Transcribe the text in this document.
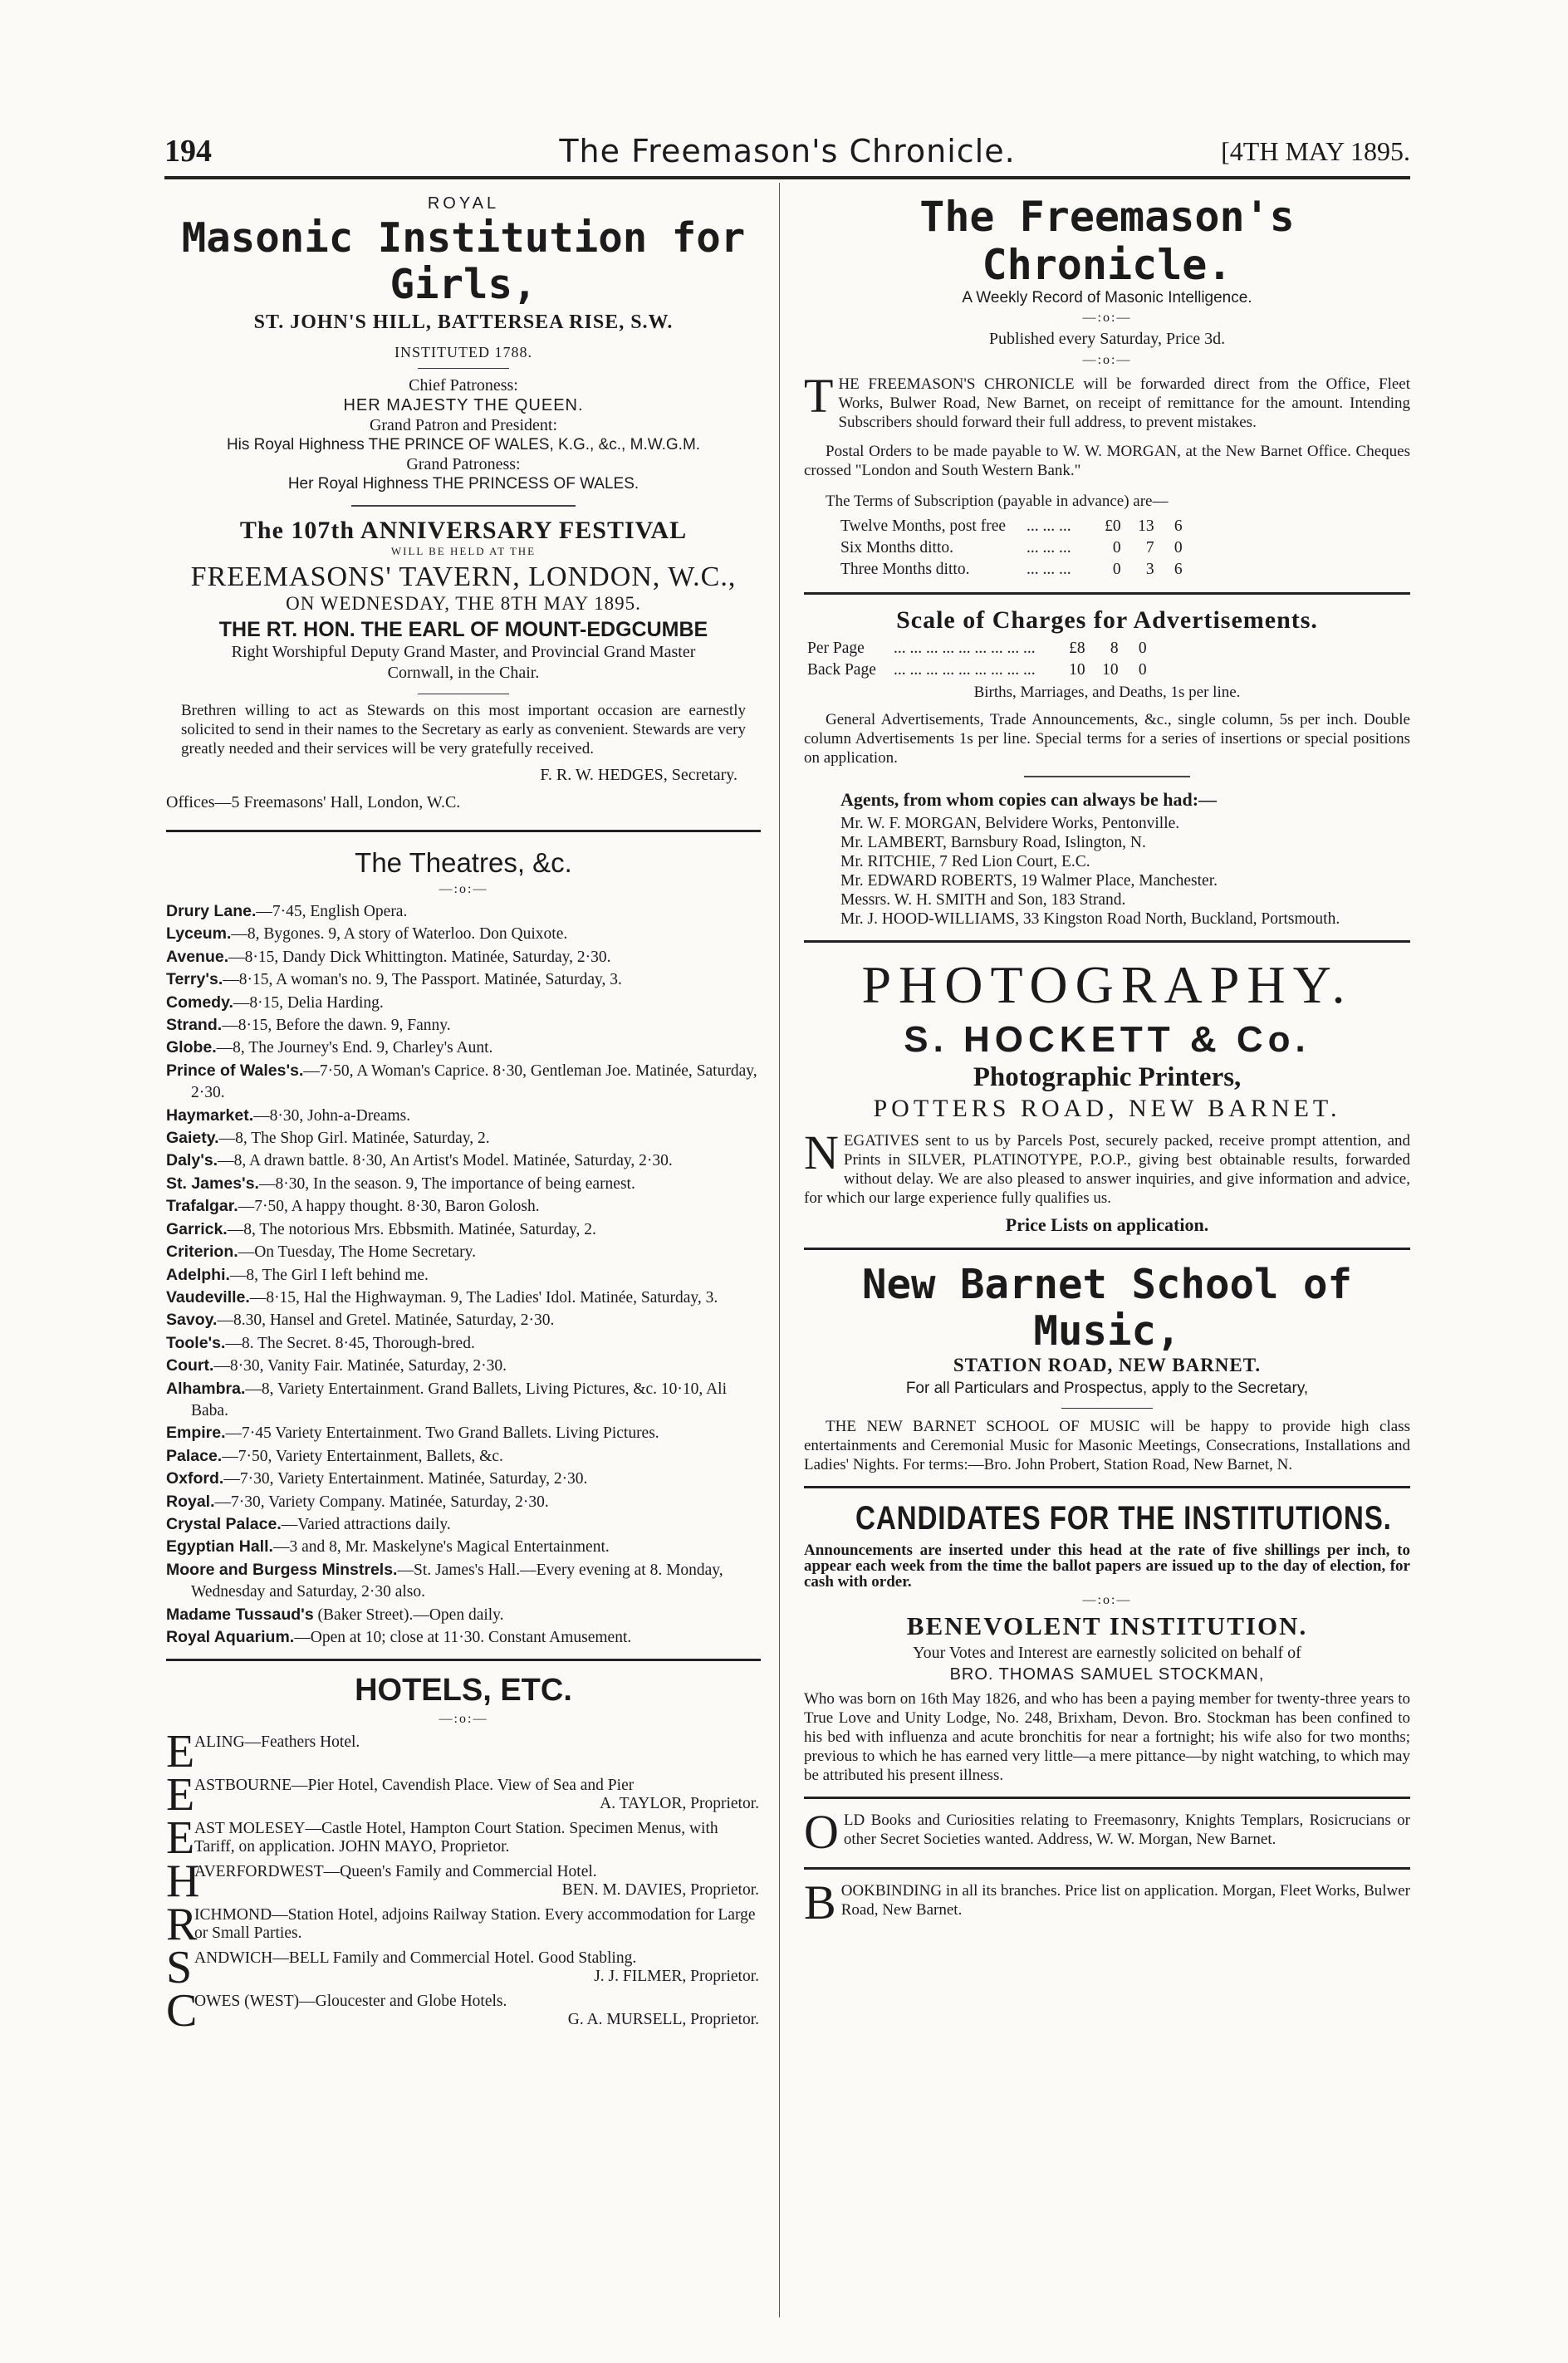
194	The Freemason's Chronicle.	[4TH MAY 1895.
ROYAL
Masonic Institution for Girls,
ST. JOHN'S HILL, BATTERSEA RISE, S.W.
INSTITUTED 1788.
Chief Patroness:
HER MAJESTY THE QUEEN.
Grand Patron and President:
His Royal Highness THE PRINCE OF WALES, K.G., &c., M.W.G.M.
Grand Patroness:
Her Royal Highness THE PRINCESS OF WALES.
The 107th ANNIVERSARY FESTIVAL
WILL BE HELD AT THE
FREEMASONS' TAVERN, LONDON, W.C.,
ON WEDNESDAY, THE 8TH MAY 1895.
THE RT. HON. THE EARL OF MOUNT-EDGCUMBE
Right Worshipful Deputy Grand Master, and Provincial Grand Master Cornwall, in the Chair.

Brethren willing to act as Stewards on this most important occasion are earnestly solicited to send in their names to the Secretary as early as convenient. Stewards are very greatly needed and their services will be very gratefully received.

F. R. W. HEDGES, Secretary.

Offices—5 Freemasons' Hall, London, W.C.

The Theatres, &c.
—:o:—

Drury Lane.—7·45, English Opera.

Lyceum.—8, Bygones. 9, A story of Waterloo. Don Quixote.

Avenue.—8·15, Dandy Dick Whittington. Matinée, Saturday, 2·30.

Terry's.—8·15, A woman's no. 9, The Passport. Matinée, Saturday, 3.

Comedy.—8·15, Delia Harding.

Strand.—8·15, Before the dawn. 9, Fanny.

Globe.—8, The Journey's End. 9, Charley's Aunt.

Prince of Wales's.—7·50, A Woman's Caprice. 8·30, Gentleman Joe. Matinée, Saturday, 2·30.

Haymarket.—8·30, John-a-Dreams.

Gaiety.—8, The Shop Girl. Matinée, Saturday, 2.

Daly's.—8, A drawn battle. 8·30, An Artist's Model. Matinée, Saturday, 2·30.

St. James's.—8·30, In the season. 9, The importance of being earnest.

Trafalgar.—7·50, A happy thought. 8·30, Baron Golosh.

Garrick.—8, The notorious Mrs. Ebbsmith. Matinée, Saturday, 2.

Criterion.—On Tuesday, The Home Secretary.

Adelphi.—8, The Girl I left behind me.

Vaudeville.—8·15, Hal the Highwayman. 9, The Ladies' Idol. Matinée, Saturday, 3.

Savoy.—8.30, Hansel and Gretel. Matinée, Saturday, 2·30.

Toole's.—8. The Secret. 8·45, Thorough-bred.

Court.—8·30, Vanity Fair. Matinée, Saturday, 2·30.

Alhambra.—8, Variety Entertainment. Grand Ballets, Living Pictures, &c. 10·10, Ali Baba.

Empire.—7·45 Variety Entertainment. Two Grand Ballets. Living Pictures.

Palace.—7·50, Variety Entertainment, Ballets, &c.

Oxford.—7·30, Variety Entertainment. Matinée, Saturday, 2·30.

Royal.—7·30, Variety Company. Matinée, Saturday, 2·30.

Crystal Palace.—Varied attractions daily.

Egyptian Hall.—3 and 8, Mr. Maskelyne's Magical Entertainment.

Moore and Burgess Minstrels.—St. James's Hall.—Every evening at 8. Monday, Wednesday and Saturday, 2·30 also.

Madame Tussaud's (Baker Street).—Open daily.

Royal Aquarium.—Open at 10; close at 11·30. Constant Amusement.

HOTELS, ETC.
—:o:—
E ALING—Feathers Hotel.
E ASTBOURNE—Pier Hotel, Cavendish Place. View of Sea and Pier
A. TAYLOR, Proprietor.
E AST MOLESEY—Castle Hotel, Hampton Court Station. Specimen Menus, with Tariff, on application. JOHN MAYO, Proprietor.
H
AVERFORDWEST—Queen's Family and Commercial Hotel.
BEN. M. DAVIES, Proprietor.
R
ICHMOND—Station Hotel, adjoins Railway Station. Every accommodation for Large or Small Parties.
S ANDWICH—BELL Family and Commercial Hotel. Good Stabling.
J. J. FILMER, Proprietor.
C
OWES (WEST)—Gloucester and Globe Hotels.
G. A. MURSELL, Proprietor.
The Freemason's Chronicle.
A Weekly Record of Masonic Intelligence.
—:o:—
Published every Saturday, Price 3d.
—:o:—

THE FREEMASON'S CHRONICLE will be forwarded direct from the Office, Fleet Works, Bulwer Road, New Barnet, on receipt of remittance for the amount. Intending Subscribers should forward their full address, to prevent mistakes.

Postal Orders to be made payable to W. W. MORGAN, at the New Barnet Office. Cheques crossed "London and South Western Bank."

The Terms of Subscription (payable in advance) are—

Twelve Months, post free	... ... ...	£0	13	6
Six Months ditto.	... ... ...	0	7	0
Three Months ditto.	... ... ...	0	3	6
Scale of Charges for Advertisements.
Per Page	... ... ... ... ... ... ... ... ...	£8	8	0
Back Page	... ... ... ... ... ... ... ... ...	10	10	0
Births, Marriages, and Deaths, 1s per line.

General Advertisements, Trade Announcements, &c., single column, 5s per inch. Double column Advertisements 1s per line. Special terms for a series of insertions or special positions on application.

Agents, from whom copies can always be had:—

Mr. W. F. MORGAN, Belvidere Works, Pentonville.

Mr. LAMBERT, Barnsbury Road, Islington, N.

Mr. RITCHIE, 7 Red Lion Court, E.C.

Mr. EDWARD ROBERTS, 19 Walmer Place, Manchester.

Messrs. W. H. SMITH and Son, 183 Strand.

Mr. J. HOOD-WILLIAMS, 33 Kingston Road North, Buckland, Portsmouth.

PHOTOGRAPHY.
S. HOCKETT & Co.
Photographic Printers,
POTTERS ROAD, NEW BARNET.

NEGATIVES sent to us by Parcels Post, securely packed, receive prompt attention, and Prints in SILVER, PLATINOTYPE, P.O.P., giving best obtainable results, forwarded without delay. We are also pleased to answer inquiries, and give information and advice, for which our large experience fully qualifies us.

Price Lists on application.
New Barnet School of Music,
STATION ROAD, NEW BARNET.
For all Particulars and Prospectus, apply to the Secretary,

THE NEW BARNET SCHOOL OF MUSIC will be happy to provide high class entertainments and Ceremonial Music for Masonic Meetings, Consecrations, Installations and Ladies' Nights. For terms:—Bro. John Probert, Station Road, New Barnet, N.

CANDIDATES FOR THE INSTITUTIONS.

Announcements are inserted under this head at the rate of five shillings per inch, to appear each week from the time the ballot papers are issued up to the day of election, for cash with order.

—:o:—
BENEVOLENT INSTITUTION.
Your Votes and Interest are earnestly solicited on behalf of
BRO. THOMAS SAMUEL STOCKMAN,

Who was born on 16th May 1826, and who has been a paying member for twenty-three years to True Love and Unity Lodge, No. 248, Brixham, Devon. Bro. Stockman has been confined to his bed with influenza and acute bronchitis for near a fortnight; his wife also for two months; previous to which he has earned very little—a mere pittance—by night watching, to which may be attributed his present illness.

OLD Books and Curiosities relating to Freemasonry, Knights Templars, Rosicrucians or other Secret Societies wanted. Address, W. W. Morgan, New Barnet.

BOOKBINDING in all its branches. Price list on application. Morgan, Fleet Works, Bulwer Road, New Barnet.
